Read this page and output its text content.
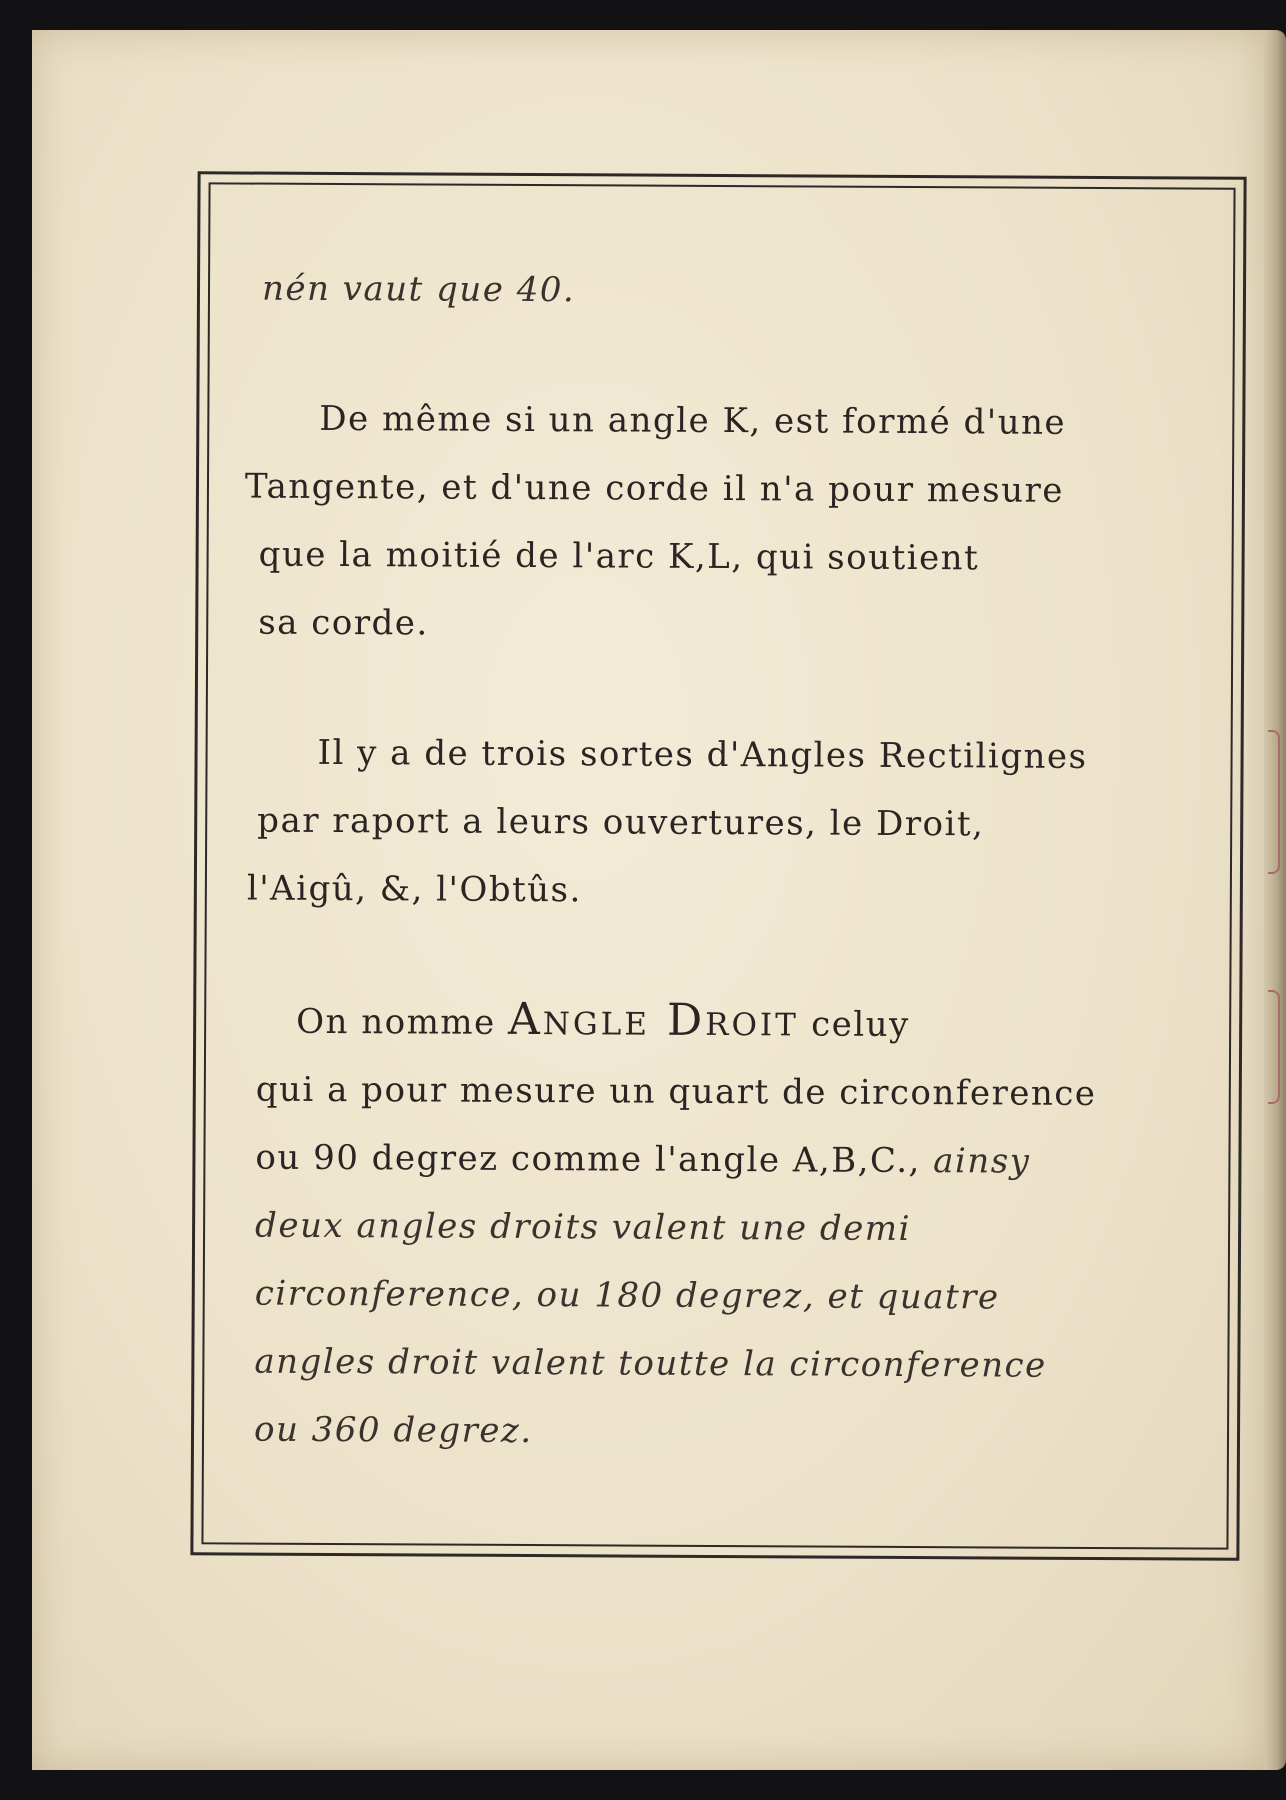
nén vaut que 40.
De même si un angle K, est formé d'une
Tangente, et d'une corde il n'a pour mesure
que la moitié de l'arc K,L, qui soutient
sa corde.
Il y a de trois sortes d'Angles Rectilignes
par raport a leurs ouvertures, le Droit,
l'Aigû, &, l'Obtûs.
On nomme Angle Droit celuy
qui a pour mesure un quart de circonference
ou 90 degrez comme l'angle A,B,C., ainsy
deux angles droits valent une demi
circonference, ou 180 degrez, et quatre
angles droit valent toutte la circonference
ou 360 degrez.
